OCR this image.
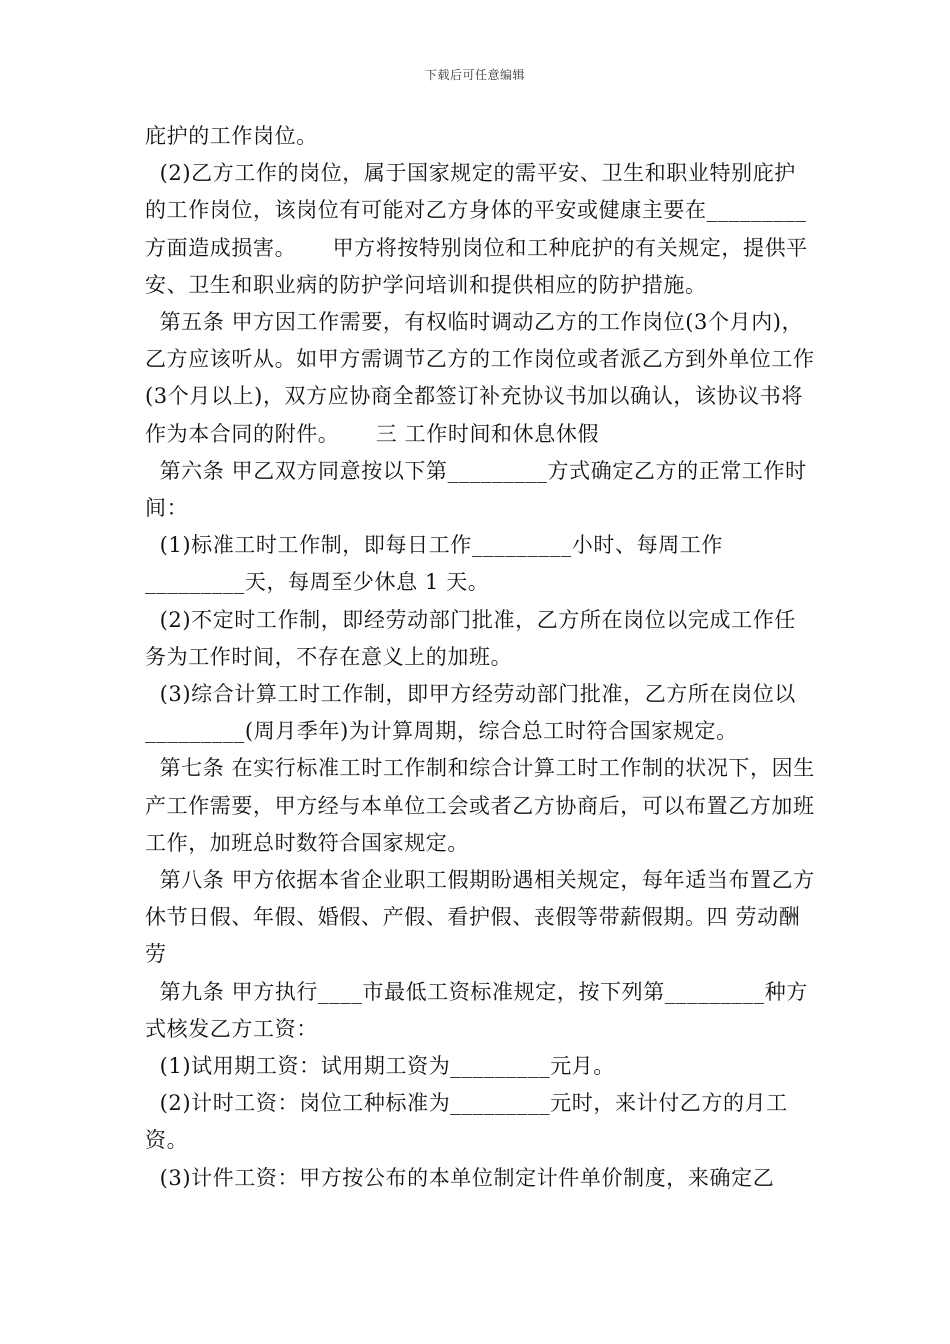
下载后可任意编辑

庇护的工作岗位。

(2)乙方工作的岗位，属于国家规定的需平安、卫生和职业特别庇护的工作岗位，该岗位有可能对乙方身体的平安或健康主要在_________方面造成损害。     甲方将按特别岗位和工种庇护的有关规定，提供平安、卫生和职业病的防护学问培训和提供相应的防护措施。

第五条 甲方因工作需要，有权临时调动乙方的工作岗位(3个月内)，乙方应该听从。如甲方需调节乙方的工作岗位或者派乙方到外单位工作(3个月以上)，双方应协商全都签订补充协议书加以确认，该协议书将作为本合同的附件。     三 工作时间和休息休假

第六条 甲乙双方同意按以下第_________方式确定乙方的正常工作时间：

(1)标准工时工作制，即每日工作_________小时、每周工作_________天，每周至少休息 1 天。

(2)不定时工作制，即经劳动部门批准，乙方所在岗位以完成工作任务为工作时间，不存在意义上的加班。

(3)综合计算工时工作制，即甲方经劳动部门批准，乙方所在岗位以_________(周月季年)为计算周期，综合总工时符合国家规定。

第七条 在实行标准工时工作制和综合计算工时工作制的状况下，因生产工作需要，甲方经与本单位工会或者乙方协商后，可以布置乙方加班工作，加班总时数符合国家规定。

第八条 甲方依据本省企业职工假期盼遇相关规定，每年适当布置乙方休节日假、年假、婚假、产假、看护假、丧假等带薪假期。四 劳动酬劳

第九条 甲方执行____市最低工资标准规定，按下列第_________种方式核发乙方工资：

(1)试用期工资：试用期工资为_________元月。

(2)计时工资：岗位工种标准为_________元时，来计付乙方的月工资。

(3)计件工资：甲方按公布的本单位制定计件单价制度，来确定乙
